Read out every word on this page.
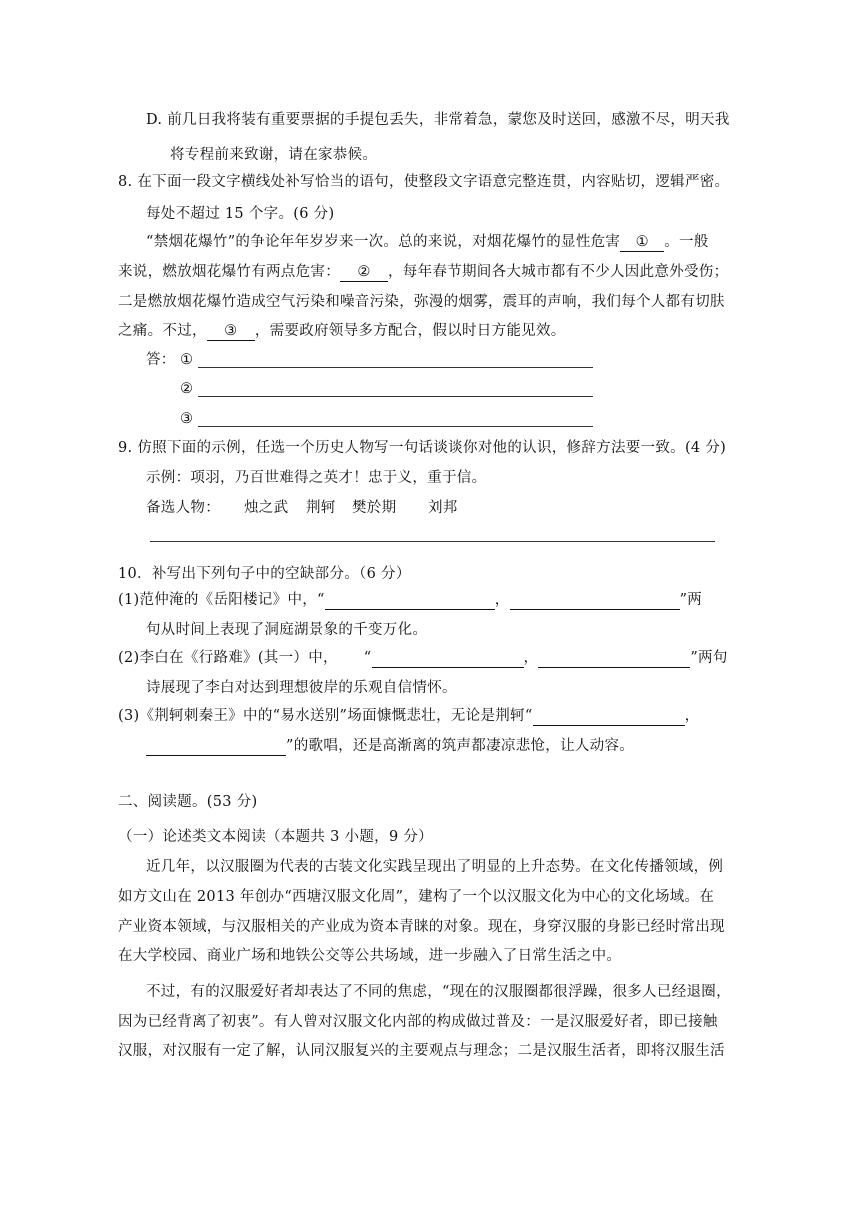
D. 前几日我将装有重要票据的手提包丢失，非常着急，蒙您及时送回，感激不尽，明天我
将专程前来致谢，请在家恭候。
8. 在下面一段文字横线处补写恰当的语句，使整段文字语意完整连贯，内容贴切，逻辑严密。
每处不超过 15 个字。(6 分)
“禁烟花爆竹”的争论年年岁岁来一次。总的来说，对烟花爆竹的显性危害 ① 。一般
来说，燃放烟花爆竹有两点危害： ② ，每年春节期间各大城市都有不少人因此意外受伤；
二是燃放烟花爆竹造成空气污染和噪音污染，弥漫的烟雾，震耳的声响，我们每个人都有切肤
之痛。不过， ③ ，需要政府领导多方配合，假以时日方能见效。
答： ①
②
③
9. 仿照下面的示例，任选一个历史人物写一句话谈谈你对他的认识，修辞方法要一致。(4 分)
示例：项羽，乃百世难得之英才！忠于义，重于信。
备选人物： 烛之武 荆轲 樊於期 刘邦
10．补写出下列句子中的空缺部分。（6 分）
(1)范仲淹的《岳阳楼记》中，“	，	”两
句从时间上表现了洞庭湖景象的千变万化。
(2)李白在《行路难》(其一）中， “	，	”两句
诗展现了李白对达到理想彼岸的乐观自信情怀。
(3)《荆轲刺秦王》中的“易水送别”场面慷慨悲壮，无论是荆轲“	，
”的歌唱，还是高渐离的筑声都凄凉悲怆，让人动容。
二、阅读题。(53 分)
（一）论述类文本阅读（本题共 3 小题，9 分）
近几年，以汉服圈为代表的古装文化实践呈现出了明显的上升态势。在文化传播领域，例
如方文山在 2013 年创办“西塘汉服文化周”，建构了一个以汉服文化为中心的文化场域。在
产业资本领域，与汉服相关的产业成为资本青睐的对象。现在，身穿汉服的身影已经时常出现
在大学校园、商业广场和地铁公交等公共场域，进一步融入了日常生活之中。
不过，有的汉服爱好者却表达了不同的焦虑，“现在的汉服圈都很浮躁，很多人已经退圈，
因为已经背离了初衷”。有人曾对汉服文化内部的构成做过普及：一是汉服爱好者，即已接触
汉服，对汉服有一定了解，认同汉服复兴的主要观点与理念；二是汉服生活者，即将汉服生活
